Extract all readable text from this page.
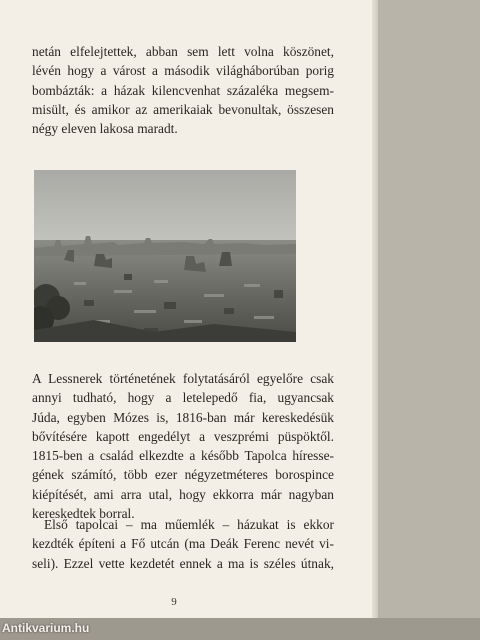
netán elfelejtettek, abban sem lett volna köszönet,
lévén hogy a várost a második világháborúban porig
bombázták: a házak kilencvenhat százaléka megsem-
misült, és amikor az amerikaiak bevonultak, összesen
négy eleven lakosa maradt.

A Lessnerek történetének folytatásáról egyelőre csak
annyi tudható, hogy a letelepedő fia, ugyancsak
Júda, egyben Mózes is, 1816-ban már kereskedésük
bővítésére kapott engedélyt a veszprémi püspöktől.
1815-ben a család elkezdte a később Tapolca híresse-
gének számító, több ezer négyzetméteres borospince
kiépítését, ami arra utal, hogy ekkorra már nagyban
kereskedtek borral.

Első tapolcai – ma műemlék – házukat is ekkor
kezdték építeni a Fő utcán (ma Deák Ferenc nevét vi-
seli). Ezzel vette kezdetét ennek a ma is széles útnak,

9
Antikvarium.hu
